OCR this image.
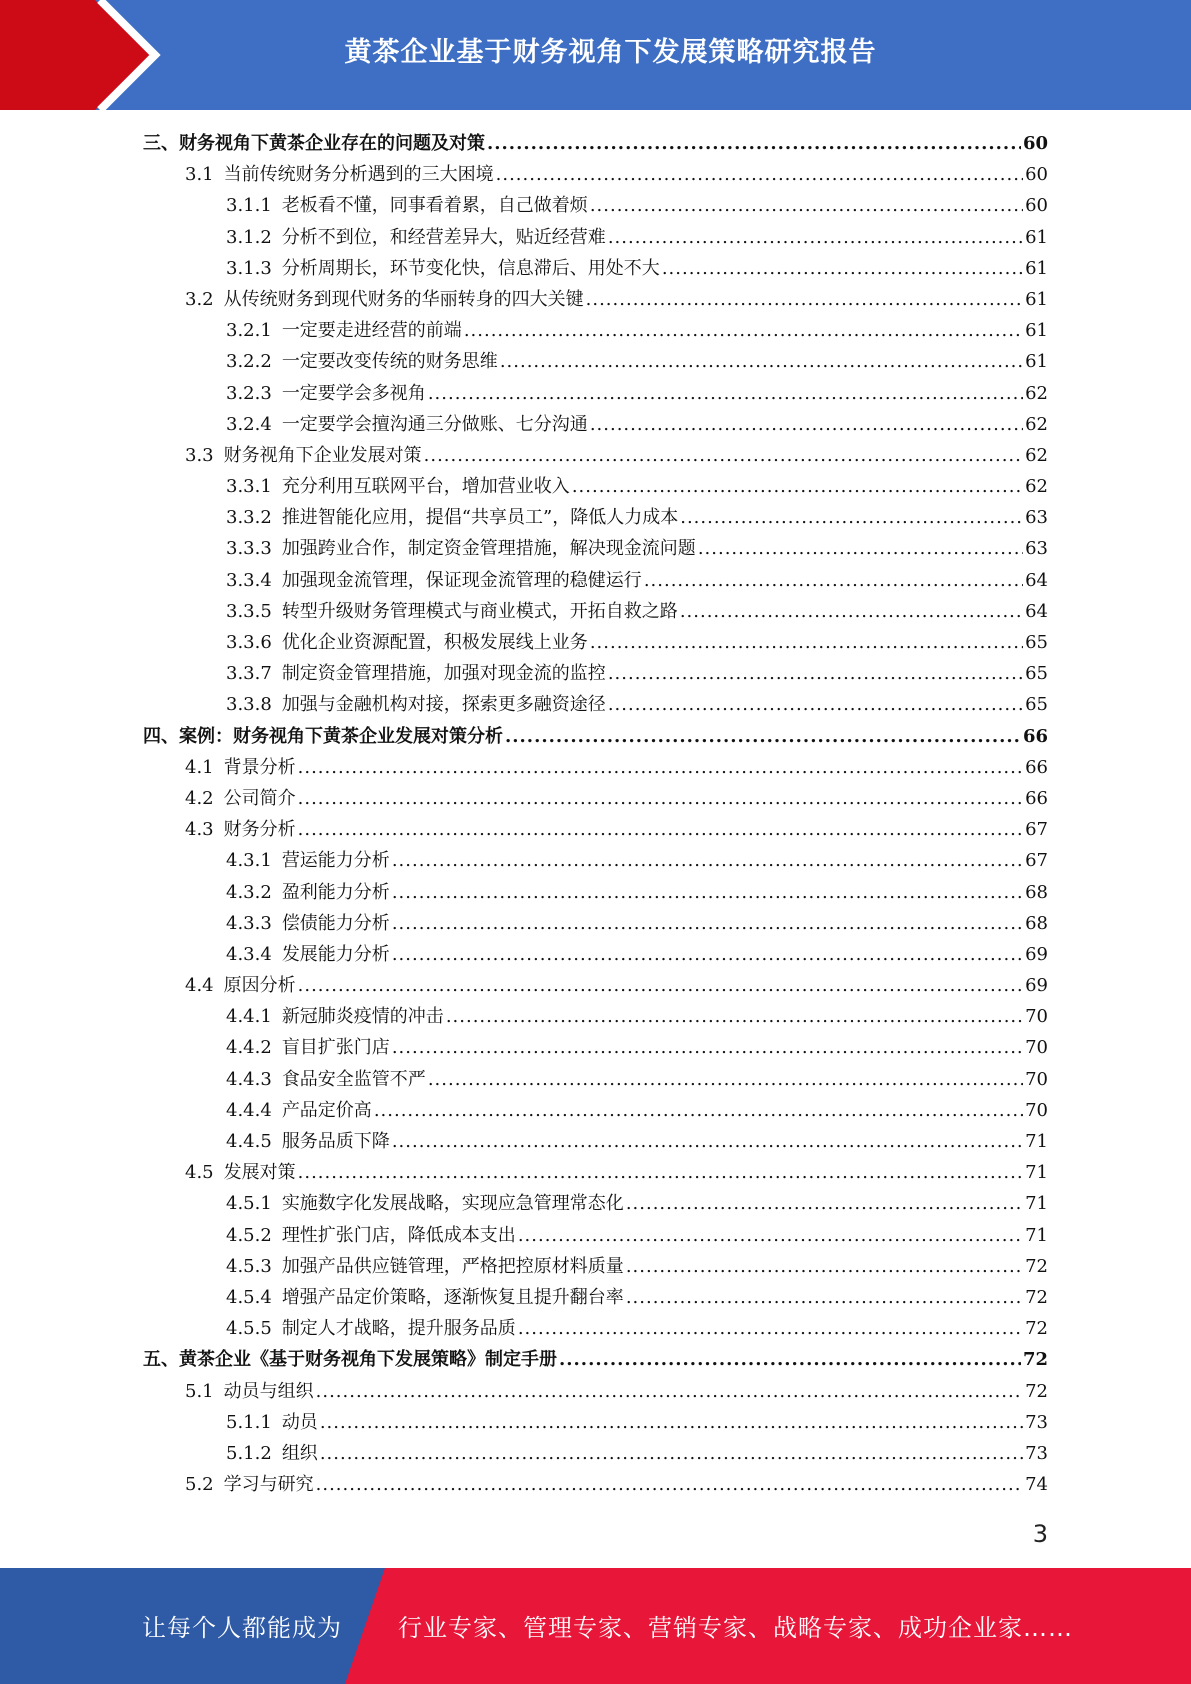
黄茶企业基于财务视角下发展策略研究报告
三、财务视角下黄茶企业存在的问题及对策 .....	60
3.1 当前传统财务分析遇到的三大困境 .....	60
3.1.1 老板看不懂，同事看着累，自己做着烦 .....	60
3.1.2 分析不到位，和经营差异大，贴近经营难 .....	61
3.1.3 分析周期长，环节变化快，信息滞后、用处不大 .....	61
3.2 从传统财务到现代财务的华丽转身的四大关键 .....	61
3.2.1 一定要走进经营的前端 .....	61
3.2.2 一定要改变传统的财务思维 .....	61
3.2.3 一定要学会多视角 .....	62
3.2.4 一定要学会擅沟通三分做账、七分沟通 .....	62
3.3 财务视角下企业发展对策 .....	62
3.3.1 充分利用互联网平台，增加营业收入 .....	62
3.3.2 推进智能化应用，提倡“共享员工”，降低人力成本 .....	63
3.3.3 加强跨业合作，制定资金管理措施，解决现金流问题 .....	63
3.3.4 加强现金流管理，保证现金流管理的稳健运行 .....	64
3.3.5 转型升级财务管理模式与商业模式，开拓自救之路 .....	64
3.3.6 优化企业资源配置，积极发展线上业务 .....	65
3.3.7 制定资金管理措施，加强对现金流的监控 .....	65
3.3.8 加强与金融机构对接，探索更多融资途径 .....	65
四、案例：财务视角下黄茶企业发展对策分析 .....	66
4.1 背景分析 .....	66
4.2 公司简介 .....	66
4.3 财务分析 .....	67
4.3.1 营运能力分析 .....	67
4.3.2 盈利能力分析 .....	68
4.3.3 偿债能力分析 .....	68
4.3.4 发展能力分析 .....	69
4.4 原因分析 .....	69
4.4.1 新冠肺炎疫情的冲击 .....	70
4.4.2 盲目扩张门店 .....	70
4.4.3 食品安全监管不严 .....	70
4.4.4 产品定价高 .....	70
4.4.5 服务品质下降 .....	71
4.5 发展对策 .....	71
4.5.1 实施数字化发展战略，实现应急管理常态化 .....	71
4.5.2 理性扩张门店，降低成本支出 .....	71
4.5.3 加强产品供应链管理，严格把控原材料质量 .....	72
4.5.4 增强产品定价策略，逐渐恢复且提升翻台率 .....	72
4.5.5 制定人才战略，提升服务品质 .....	72
五、黄茶企业《基于财务视角下发展策略》制定手册 .....	72
5.1 动员与组织 .....	72
5.1.1 动员 .....	73
5.1.2 组织 .....	73
5.2 学习与研究 .....	74
3
让每个人都能成为 行业专家、管理专家、营销专家、战略专家、成功企业家……
